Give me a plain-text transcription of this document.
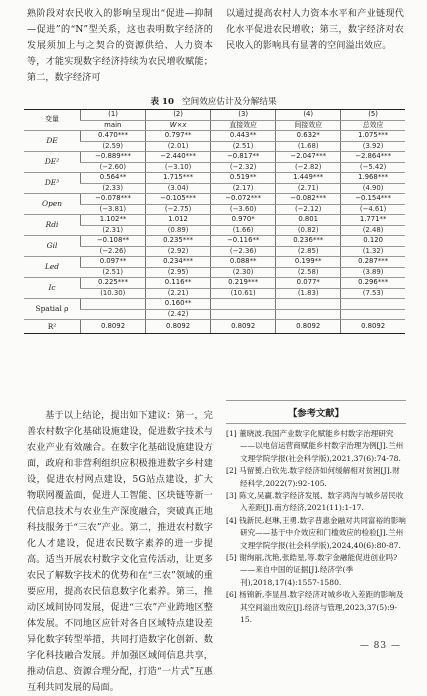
熟阶段对农民收入的影响呈现出“促进—抑制—促进”的“N”型关系，这也表明数字经济的发展须加上与之契合的资源供给、人力资本等，才能实现数字经济持续为农民增收赋能；第二，数字经济可

以通过提高农村人力资本水平和产业链现代化水平促进农民增收；第三，数字经济对农民收入的影响具有显著的空间溢出效应。

表 10 空间效应估计及分解结果
变量	(1)	(2)	(3)	(4)	(5)
	main	W×x	直接效应	间接效应	总效应
DE	0.470***	0.797**	0.443**	0.632*	1.075***
	(2.59)	(2.01)	(2.51)	(1.68)	(3.92)
DE²	−0.889***	−2.440***	−0.817**	−2.047***	−2.864***
	(−2.60)	(−3.10)	(−2.32)	(−2.82)	(−5.42)
DE³	0.564**	1.715***	0.519**	1.449***	1.968***
	(2.33)	(3.04)	(2.17)	(2.71)	(4.90)
Open	−0.078***	−0.105***	−0.072***	−0.082***	−0.154***
	(−3.81)	(−2.75)	(−3.60)	(−2.12)	(−4.61)
Rdi	1.102**	1.012	0.970*	0.801	1.771**
	(2.31)	(0.89)	(1.66)	(0.82)	(2.48)
Gil	−0.108**	0.235***	−0.116**	0.236***	0.120
	(−2.26)	(2.92)	(−2.36)	(2.85)	(1.32)
Led	0.097**	0.234***	0.088**	0.199**	0.287***
	(2.51)	(2.95)	(2.30)	(2.58)	(3.89)
Ic	0.225***	0.116**	0.219***	0.077*	0.296***
	(10.30)	(2.21)	(10.61)	(1.83)	(7.53)
Spatial ρ		0.160**			
		(2.42)			
R²	0.8092	0.8092	0.8092	0.8092	0.8092

基于以上结论，提出如下建议：第一，完善农村数字化基础设施建设，促进数字技术与农业产业有效融合。在数字化基础设施建设方面，政府和非营利组织应积极推进数字乡村建设，促进农村网点建设，5G站点建设，扩大物联网覆盖面，促进人工智能、区块链等新一代信息技术与农业生产深度融合，突破真正地科技服务于“三农”产业。第二，推进农村数字化人才建设，促进农民数字素养的进一步提高。适当开展农村数字文化宣传活动，让更多农民了解数字技术的优势和在“三农”领域的重要应用，提高农民信息数字化素养。第三，推动区域间协同发展，促进“三农”产业跨地区整体发展。不同地区应针对各自区域特点建设差异化数字转型举措，共同打造数字化创新、数字化科技融合发展。并加强区域间信息共享，推动信息、资源合理分配，打造“一片式”互惠互利共同发展的局面。

【参考文献】
[1] 董晓波.我国产业数字化赋能乡村数字治理研究——以电信运营商赋能乡村数字治理为例[J].兰州文理学院学报(社会科学版),2021,37(6):74-78.
[2] 马留赟,白钦先.数字经济如何缓解相对贫困[J].财经科学,2022(7):92-105.
[3] 陈文,吴赢.数字经济发展、数字鸿沟与城乡居民收入差距[J].南方经济,2021(11):1-17.
[4] 钱新民,赵琳,王勇.数字普惠金融对共同富裕的影响研究——基于中介效应和门槛效应的检验[J].兰州文理学院学报(社会科学版),2024,40(6):80-87.
[5] 谢绚丽,沈艳,张皓星,等.数字金融能促进创业吗?——来自中国的证据[J].经济学(季刊),2018,17(4):1557-1580.
[6] 杨锦新,李显昌.数字经济对城乡收入差距的影响及其空间溢出效应[J].经济与管理,2023,37(5):9-15.
— 83 —
